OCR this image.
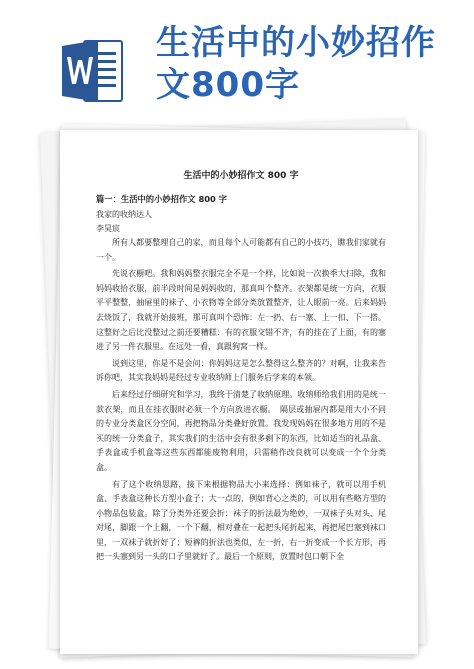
生活中的小妙招作文800字

生活中的小妙招作文 800 字

篇一：生活中的小妙招作文 800 字

我家的收纳达人

李昊宸

所有人都要整理自己的家，而且每个人可能都有自己的小技巧，瞧我们家就有一个。

先说衣橱吧。我和妈妈整衣服完全不是一个样，比如说一次换季大扫除，我和妈妈收拾衣服，前半段时间是妈妈收的，那真叫个整齐。衣架都是统一方向，衣服平平整整，抽屉里的袜子、小衣物等全部分类放置整齐，让人眼前一亮。后来妈妈去烧饭了，我就开始接班，那可真叫个恐怖：左一扔、右一塞、上一扣、下一搭。这整好之后比没整过之前还要糟糕：有的衣服交错不齐，有的挂在了上面，有的塞进了另一件衣服里。在远处一看，真跟狗窝一样。

说到这里，你是不是会问：你妈妈这是怎么整得这么整齐的？对啊，让我来告诉你吧，其实我妈妈是经过专业收纳师上门服务后学来的本领。

后来经过仔细研究和学习，我终于清楚了收纳原理。收纳师给我们用的是统一款衣架，而且在挂衣服时必须一个方向放进衣橱。　隔层或抽屉内都是用大小不同的专业分类盒区分空间，再把物品分类叠好放置。我发现妈妈在很多地方用的不是买的统一分类盒子，其实我们的生活中会有很多剩下的东西，比如适当的礼品盒、手表盒或手机盒等这些东西都能废物利用，只需稍作改良就可以变成一个个分类盒。

有了这个收纳思路，接下来根据物品大小来选择：例如袜子，就可以用手机盒、手表盒这种长方型小盒子；大一点的，例如背心之类的，可以用有些略方型的小物品包装盒。除了分类外还要会折：袜子的折法最为绝妙，一双袜子头对头、尾对尾，脚跟一个上翻，一个下翻，相对叠在一起把头尾折起来，再把尾巴塞到袜口里，一双袜子就折好了；短裤的折法也类似，左一折，右一折变成一个长方形，再把一头塞到另一头的口子里就好了。最后一个原则，放置时包口朝下全
